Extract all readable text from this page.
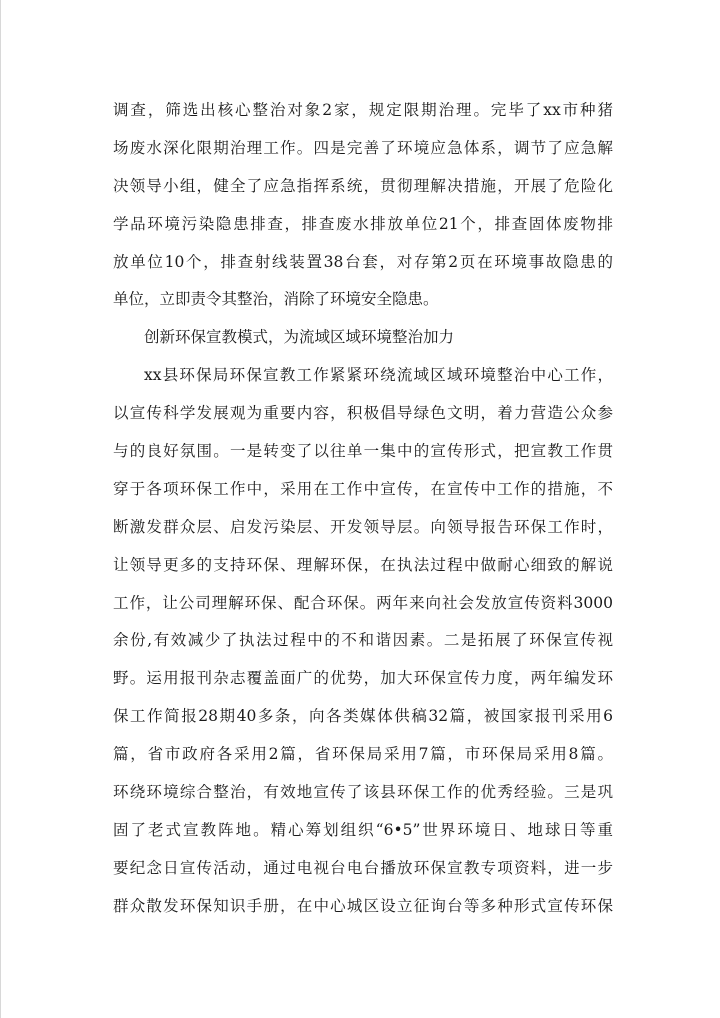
调查，筛选出核心整治对象2家，规定限期治理。完毕了xx市种猪
场废水深化限期治理工作。四是完善了环境应急体系，调节了应急解
决领导小组，健全了应急指挥系统，贯彻理解决措施，开展了危险化
学品环境污染隐患排查，排查废水排放单位21个，排查固体废物排
放单位10个，排查射线装置38台套，对存第2页在环境事故隐患的
单位，立即责令其整治，消除了环境安全隐患。
创新环保宣教模式，为流域区域环境整治加力
xx县环保局环保宣教工作紧紧环绕流域区域环境整治中心工作，
以宣传科学发展观为重要内容，积极倡导绿色文明，着力营造公众参
与的良好氛围。一是转变了以往单一集中的宣传形式，把宣教工作贯
穿于各项环保工作中，采用在工作中宣传，在宣传中工作的措施，不
断激发群众层、启发污染层、开发领导层。向领导报告环保工作时，
让领导更多的支持环保、理解环保，在执法过程中做耐心细致的解说
工作，让公司理解环保、配合环保。两年来向社会发放宣传资料3000
余份,有效减少了执法过程中的不和谐因素。二是拓展了环保宣传视
野。运用报刊杂志覆盖面广的优势，加大环保宣传力度，两年编发环
保工作简报28期40多条，向各类媒体供稿32篇，被国家报刊采用6
篇，省市政府各采用2篇，省环保局采用7篇，市环保局采用8篇。
环绕环境综合整治，有效地宣传了该县环保工作的优秀经验。三是巩
固了老式宣教阵地。精心筹划组织“6•5”世界环境日、地球日等重
要纪念日宣传活动，通过电视台电台播放环保宣教专项资料，进一步
群众散发环保知识手册，在中心城区设立征询台等多种形式宣传环保
